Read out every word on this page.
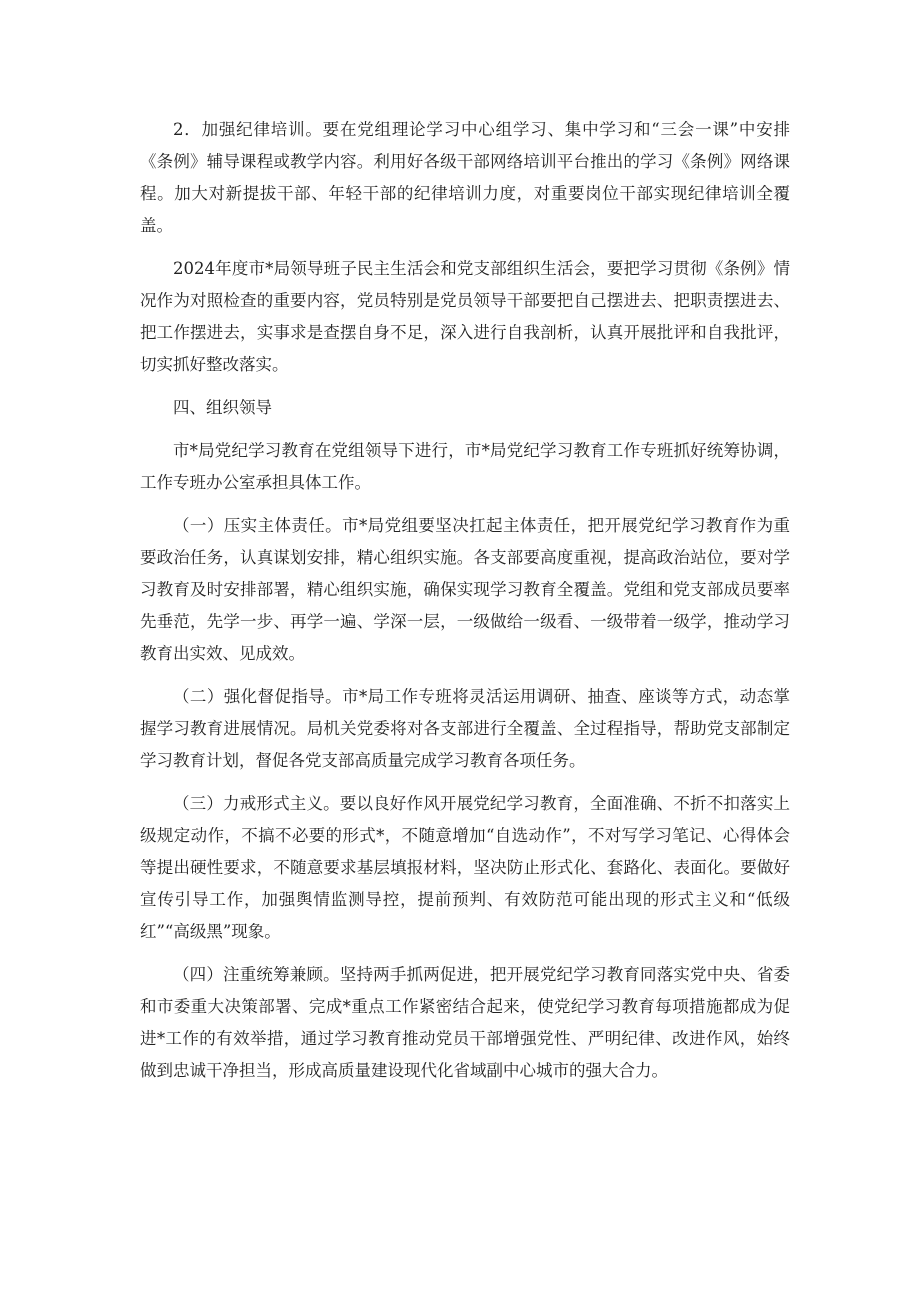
2．加强纪律培训。要在党组理论学习中心组学习、集中学习和“三会一课”中安排《条例》辅导课程或教学内容。利用好各级干部网络培训平台推出的学习《条例》网络课程。加大对新提拔干部、年轻干部的纪律培训力度，对重要岗位干部实现纪律培训全覆盖。

2024年度市*局领导班子民主生活会和党支部组织生活会，要把学习贯彻《条例》情况作为对照检查的重要内容，党员特别是党员领导干部要把自己摆进去、把职责摆进去、把工作摆进去，实事求是查摆自身不足，深入进行自我剖析，认真开展批评和自我批评，切实抓好整改落实。

四、组织领导

市*局党纪学习教育在党组领导下进行，市*局党纪学习教育工作专班抓好统筹协调，工作专班办公室承担具体工作。

（一）压实主体责任。市*局党组要坚决扛起主体责任，把开展党纪学习教育作为重要政治任务，认真谋划安排，精心组织实施。各支部要高度重视，提高政治站位，要对学习教育及时安排部署，精心组织实施，确保实现学习教育全覆盖。党组和党支部成员要率先垂范，先学一步、再学一遍、学深一层，一级做给一级看、一级带着一级学，推动学习教育出实效、见成效。

（二）强化督促指导。市*局工作专班将灵活运用调研、抽查、座谈等方式，动态掌握学习教育进展情况。局机关党委将对各支部进行全覆盖、全过程指导，帮助党支部制定学习教育计划，督促各党支部高质量完成学习教育各项任务。

（三）力戒形式主义。要以良好作风开展党纪学习教育，全面准确、不折不扣落实上级规定动作，不搞不必要的形式*，不随意增加“自选动作”，不对写学习笔记、心得体会等提出硬性要求，不随意要求基层填报材料，坚决防止形式化、套路化、表面化。要做好宣传引导工作，加强舆情监测导控，提前预判、有效防范可能出现的形式主义和“低级红”“高级黑”现象。

（四）注重统筹兼顾。坚持两手抓两促进，把开展党纪学习教育同落实党中央、省委和市委重大决策部署、完成*重点工作紧密结合起来，使党纪学习教育每项措施都成为促进*工作的有效举措，通过学习教育推动党员干部增强党性、严明纪律、改进作风，始终做到忠诚干净担当，形成高质量建设现代化省域副中心城市的强大合力。
